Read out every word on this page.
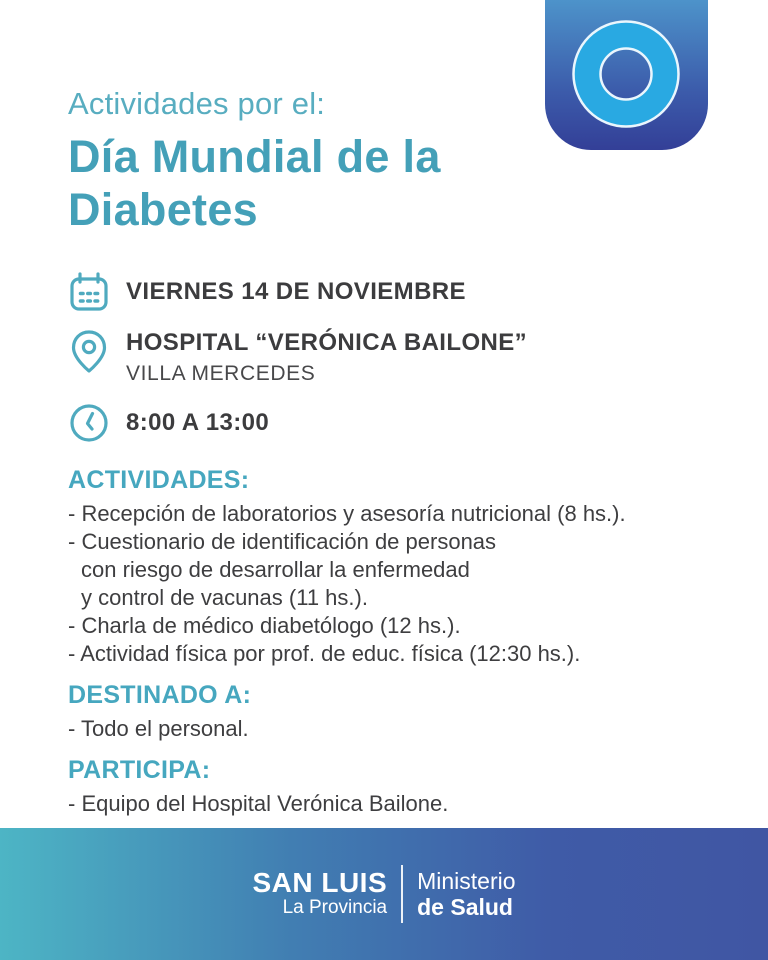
Actividades por el:
Día Mundial de la
Diabetes
VIERNES 14 DE NOVIEMBRE
HOSPITAL “VERÓNICA BAILONE”
VILLA MERCEDES
8:00 A 13:00
ACTIVIDADES:
- Recepción de laboratorios y asesoría nutricional (8 hs.).
- Cuestionario de identificación de personas
con riesgo de desarrollar la enfermedad
y control de vacunas (11 hs.).
- Charla de médico diabetólogo (12 hs.).
- Actividad física por prof. de educ. física (12:30 hs.).
DESTINADO A:
- Todo el personal.
PARTICIPA:
- Equipo del Hospital Verónica Bailone.
SAN LUIS
La Provincia
Ministerio
de Salud
